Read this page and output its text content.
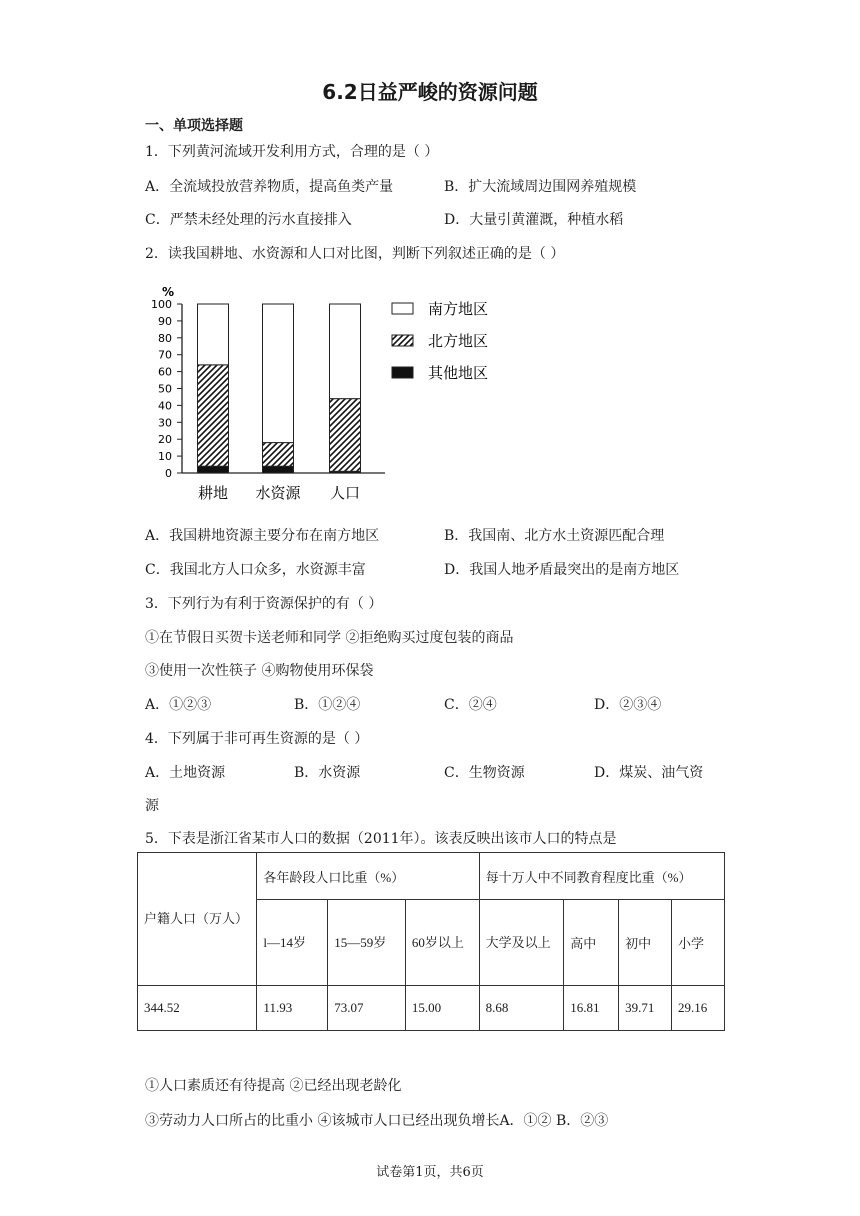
6.2日益严峻的资源问题
一、单项选择题
1．下列黄河流域开发利用方式，合理的是（ ）
A．全流域投放营养物质，提高鱼类产量	B．扩大流域周边围网养殖规模
C．严禁未经处理的污水直接排入	D．大量引黄灌溉，种植水稻
2．读我国耕地、水资源和人口对比图，判断下列叙述正确的是（ ）
%
0
10
20
30
40
50
60
70
80
90
100
耕地 水资源 人口
南方地区
北方地区
其他地区
A．我国耕地资源主要分布在南方地区	B．我国南、北方水土资源匹配合理
C．我国北方人口众多，水资源丰富	D．我国人地矛盾最突出的是南方地区
3．下列行为有利于资源保护的有（ ）
①在节假日买贺卡送老师和同学 ②拒绝购买过度包装的商品
③使用一次性筷子 ④购物使用环保袋
A．①②③	B．①②④	C．②④	D．②③④
4．下列属于非可再生资源的是（ ）
A．土地资源	B．水资源	C．生物资源	D．煤炭、油气资
源
5．下表是浙江省某市人口的数据（2011年）。该表反映出该市人口的特点是
户籍人口（万人）	各年龄段人口比重（%）			每十万人中不同教育程度比重（%）			
	l—14岁	15—59岁	60岁以上	大学及以上	高中	初中	小学
344.52	11.93	73.07	15.00	8.68	16.81	39.71	29.16
①人口素质还有待提高 ②已经出现老龄化
③劳动力人口所占的比重小 ④该城市人口已经出现负增长A．①② B．②③
试卷第1页，共6页
